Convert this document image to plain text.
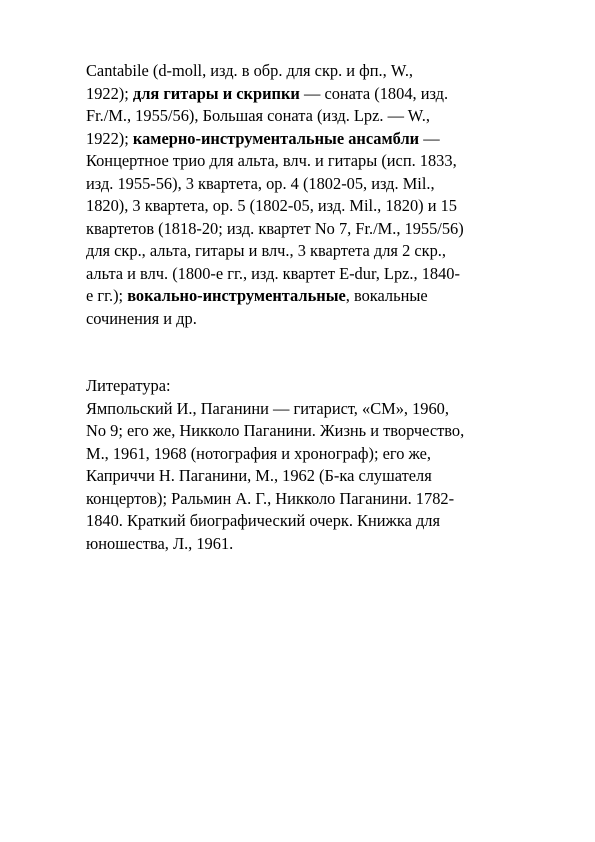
Cantabile (d-moll, изд. в обр. для скр. и фп., W.,
1922); для гитары и скрипки — соната (1804, изд.
Fr./M., 1955/56), Большая соната (изд. Lpz. — W.,
1922); камерно-инструментальные ансамбли —
Концертное трио для альта, влч. и гитары (исп. 1833,
изд. 1955-56), 3 квартета, ор. 4 (1802-05, изд. Mil.,
1820), 3 квартета, ор. 5 (1802-05, изд. Mil., 1820) и 15
квартетов (1818-20; изд. квартет No 7, Fr./M., 1955/56)
для скр., альта, гитары и влч., 3 квартета для 2 скр.,
альта и влч. (1800-е гг., изд. квартет E-dur, Lpz., 1840-
е гг.); вокально-инструментальные, вокальные
сочинения и др.
Литература:
Ямпольский И., Паганини — гитарист, «СМ», 1960,
No 9; его же, Никколо Паганини. Жизнь и творчество,
М., 1961, 1968 (нотография и хронограф); его же,
Каприччи Н. Паганини, М., 1962 (Б-ка слушателя
концертов); Ральмин А. Г., Никколо Паганини. 1782-
1840. Краткий биографический очерк. Книжка для
юношества, Л., 1961.
